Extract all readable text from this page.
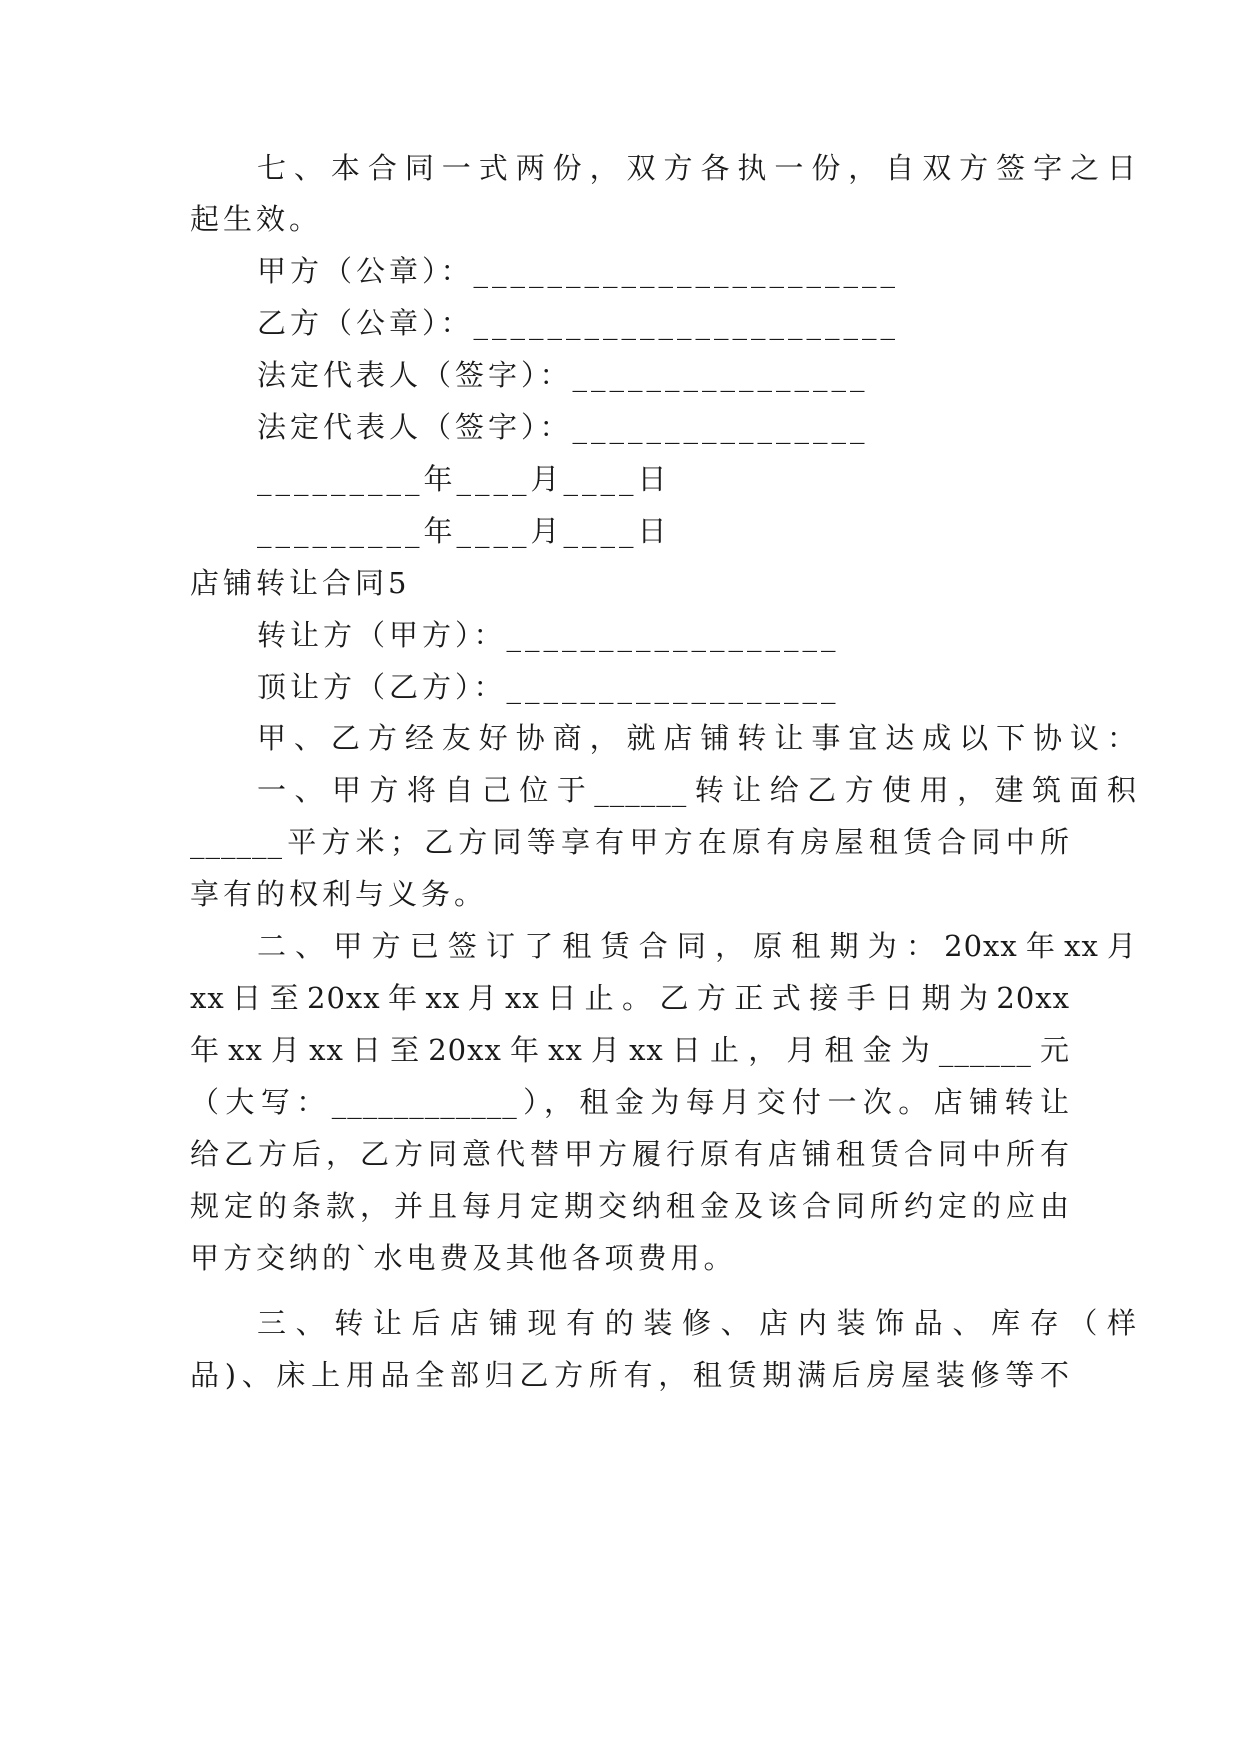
七、本合同一式两份，双方各执一份，自双方签字之日
起生效。
甲方（公章）：_______________________
乙方（公章）：_______________________
法定代表人（签字）：________________
法定代表人（签字）：________________
_________年____月____日
_________年____月____日
店铺转让合同5
转让方（甲方）：__________________
顶让方（乙方）：__________________
甲、乙方经友好协商，就店铺转让事宜达成以下协议：
一、甲方将自己位于______转让给乙方使用，建筑面积
______平方米；乙方同等享有甲方在原有房屋租赁合同中所
享有的权利与义务。
二、甲方已签订了租赁合同，原租期为：20xx年xx月
xx日至20xx年xx月xx日止。乙方正式接手日期为20xx
年xx月xx日至20xx年xx月xx日止，月租金为______元
（大写：____________），租金为每月交付一次。店铺转让
给乙方后，乙方同意代替甲方履行原有店铺租赁合同中所有
规定的条款，并且每月定期交纳租金及该合同所约定的应由
甲方交纳的`水电费及其他各项费用。
三、转让后店铺现有的装修、店内装饰品、库存（样
品)、床上用品全部归乙方所有，租赁期满后房屋装修等不
